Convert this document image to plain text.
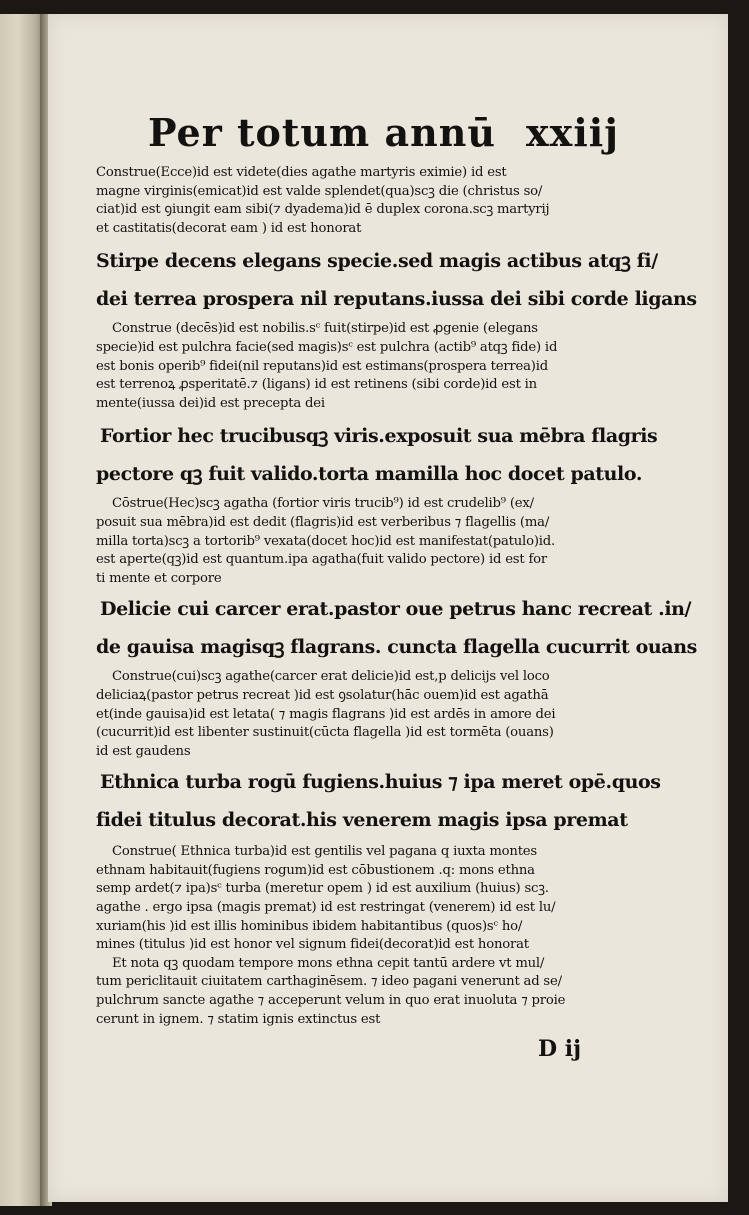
Per totum annū xxiij
Construe(Ecce)id est videte(dies agathe martyris eximie) id est
magne virginis(emicat)id est valde splendet(qua)scꝫ die (christus so/
ciat)id est ꝯiungit eam sibi(⁊ dyadema)id ē duplex corona.scꝫ martyrij
et castitatis(decorat eam ) id est honorat
Stirpe decens elegans specie.sed magis actibus atqꝫ fi/
dei terrea prospera nil reputans.iussa dei sibi corde ligans
Construe (decēs)id est nobilis.sᶜ fuit(stirpe)id est ꝓgenie (elegans
specie)id est pulchra facie(sed magis)sᶜ est pulchra (actib⁹ atqꝫ fide) id
est bonis operib⁹ fidei(nil reputans)id est estimans(prospera terrea)id
est terrenoꝝ ꝓsperitatē.⁊ (ligans) id est retinens (sibi corde)id est in
mente(iussa dei)id est precepta dei
Fortior hec trucibusqꝫ viris.exposuit sua mēbra flagris
pectore qꝫ fuit valido.torta mamilla hoc docet patulo.
Cōstrue(Hec)scꝫ agatha (fortior viris trucib⁹) id est crudelib⁹ (ex/
posuit sua mēbra)id est dedit (flagris)id est verberibus ⁊ flagellis (ma/
milla torta)scꝫ a tortorib⁹ vexata(docet hoc)id est manifestat(patulo)id.
est aperte(qꝫ)id est quantum.ipa agatha(fuit valido pectore) id est for
ti mente et corpore
Delicie cui carcer erat.pastor oue petrus hanc recreat .in/
de gauisa magisqꝫ flagrans. cuncta flagella cucurrit ouans
Construe(cui)scꝫ agathe(carcer erat delicie)id est,p delicijs vel loco
deliciaꝝ(pastor petrus recreat )id est ꝯsolatur(hāc ouem)id est agathā
et(inde gauisa)id est letata( ⁊ magis flagrans )id est ardēs in amore dei
(cucurrit)id est libenter sustinuit(cūcta flagella )id est tormēta (ouans)
id est gaudens
Ethnica turba rogū fugiens.huius ⁊ ipa meret opē.quos
fidei titulus decorat.his venerem magis ipsa premat
Construe( Ethnica turba)id est gentilis vel pagana q iuxta montes
ethnam habitauit(fugiens rogum)id est cōbustionem .q: mons ethna
semp ardet(⁊ ipa)sᶜ turba (meretur opem ) id est auxilium (huius) scꝫ.
agathe . ergo ipsa (magis premat) id est restringat (venerem) id est lu/
xuriam(his )id est illis hominibus ibidem habitantibus (quos)sᶜ ho/
mines (titulus )id est honor vel signum fidei(decorat)id est honorat
Et nota qꝫ quodam tempore mons ethna cepit tantū ardere vt mul/
tum periclitauit ciuitatem carthaginēsem. ⁊ ideo pagani venerunt ad se/
pulchrum sancte agathe ⁊ acceperunt velum in quo erat inuoluta ⁊ proie
cerunt in ignem. ⁊ statim ignis extinctus est
D ij
